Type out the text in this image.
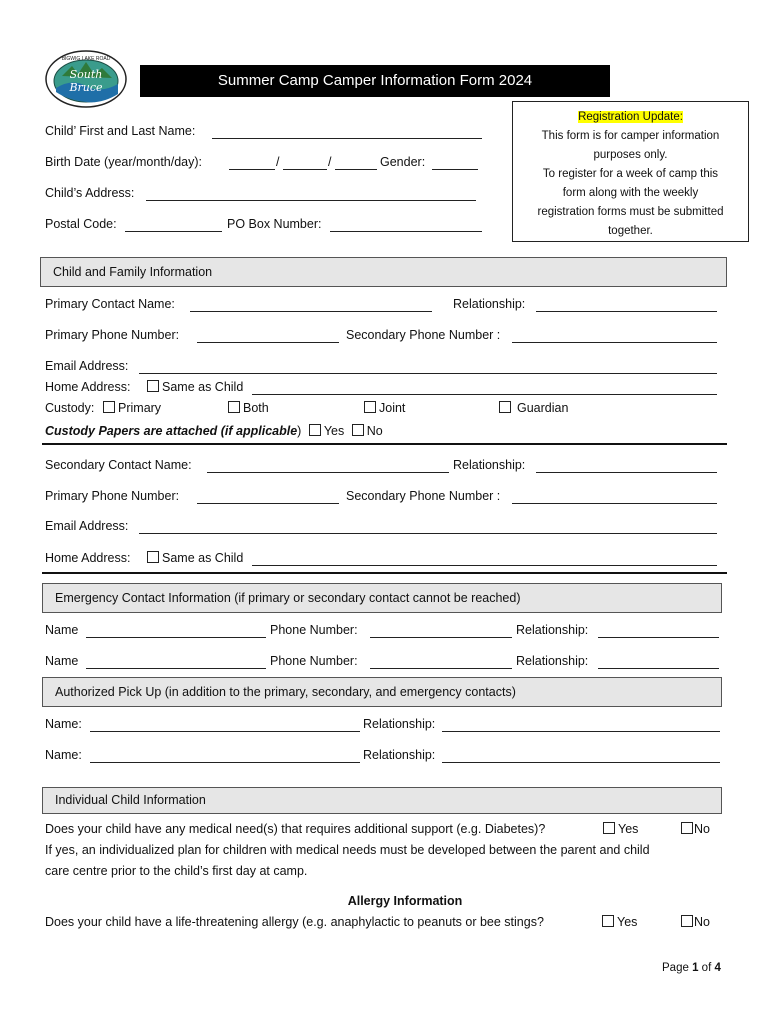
BIGWIG LAKE ROAD
South Bruce	Summer Camp Camper Information Form 2024
Registration Update:
This form is for camper information
purposes only.
To register for a week of camp this
form along with the weekly
registration forms must be submitted
together.
Child’ First and Last Name:
Birth Date (year/month/day):	/	/	Gender:
Child’s Address:
Postal Code:	PO Box Number:
Child and Family Information
Primary Contact Name:	Relationship:
Primary Phone Number:	Secondary Phone Number :
Email Address:
Home Address:	Same as Child
Custody:	Primary	Both	Joint	Guardian
Custody Papers are attached (if applicable) Yes No
Secondary Contact Name:	Relationship:
Primary Phone Number:	Secondary Phone Number :
Email Address:
Home Address:	Same as Child
Emergency Contact Information (if primary or secondary contact cannot be reached)
Name	Phone Number:	Relationship:
Name	Phone Number:	Relationship:
Authorized Pick Up (in addition to the primary, secondary, and emergency contacts)
Name:	Relationship:
Name:	Relationship:
Individual Child Information
Does your child have any medical need(s) that requires additional support (e.g. Diabetes)?	Yes	No
If yes, an individualized plan for children with medical needs must be developed between the parent and child
care centre prior to the child’s first day at camp.
Allergy Information
Does your child have a life-threatening allergy (e.g. anaphylactic to peanuts or bee stings?	Yes	No
Page 1 of 4
